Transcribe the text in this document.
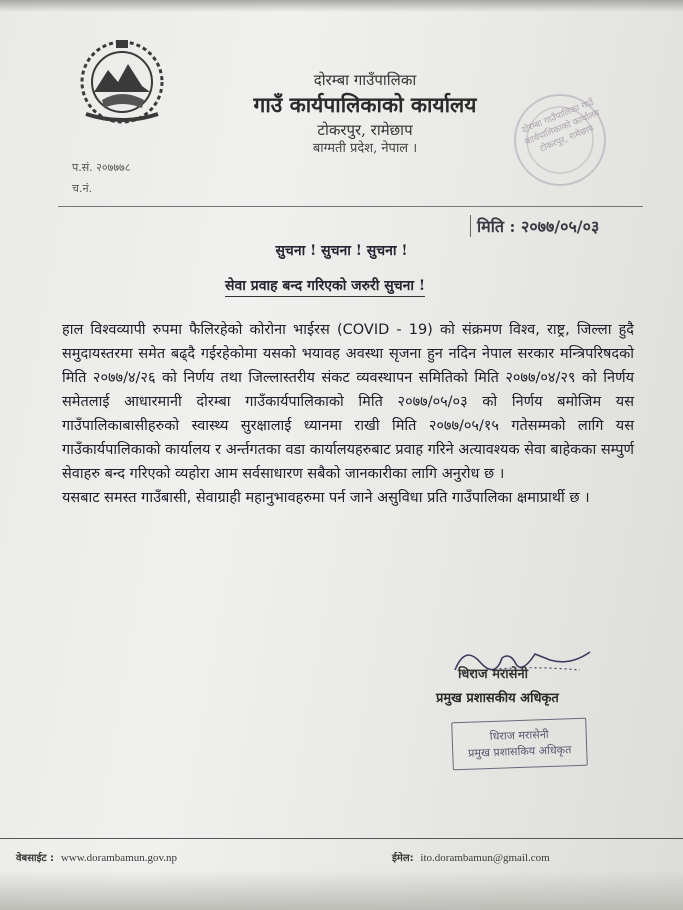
दोरम्बा गाउँपालिका
गाउँ कार्यपालिकाको कार्यालय
टोकरपुर, रामेछाप
बाग्मती प्रदेश, नेपाल ।
दोरम्बा गाउँपालिका गाउँ कार्यपालिकाको कार्यालय टोकरपुर, रामेछाप
प.सं. २०७७७८
च.नं.
मिति : २०७७/०५/०३
सुचना ! सुचना ! सुचना !
सेवा प्रवाह बन्द गरिएको जरुरी सुचना !

हाल विश्वव्यापी रुपमा फैलिरहेको कोरोना भाईरस (COVID - 19) को संक्रमण विश्व, राष्ट्र, जिल्ला हुदै समुदायस्तरमा समेत बढ्दै गईरहेकोमा यसको भयावह अवस्था सृजना हुन नदिन नेपाल सरकार मन्त्रिपरिषदको मिति २०७७/४/२६ को निर्णय तथा जिल्लास्तरीय संकट व्यवस्थापन समितिको मिति २०७७/०४/२९ को निर्णय समेतलाई आधारमानी दोरम्बा गाउँकार्यपालिकाको मिति २०७७/०५/०३ को निर्णय बमोजिम यस गाउँपालिकाबासीहरुको स्वास्थ्य सुरक्षालाई ध्यानमा राखी मिति २०७७/०५/१५ गतेसम्मको लागि यस गाउँकार्यपालिकाको कार्यालय र अर्न्तगतका वडा कार्यालयहरुबाट प्रवाह गरिने अत्यावश्यक सेवा बाहेकका सम्पुर्ण सेवाहरु बन्द गरिएको व्यहोरा आम सर्वसाधारण सबैको जानकारीका लागि अनुरोध छ ।

यसबाट समस्त गाउँबासी, सेवाग्राही महानुभावहरुमा पर्न जाने असुविधा प्रति गाउँपालिका क्षमाप्रार्थी छ ।

धिराज मरासेनी
प्रमुख प्रशासकीय अधिकृत
धिराज मरासेनी
प्रमुख प्रशासकिय अधिकृत
वेबसाईट : www.dorambamun.gov.np	ईमेल: ito.dorambamun@gmail.com
